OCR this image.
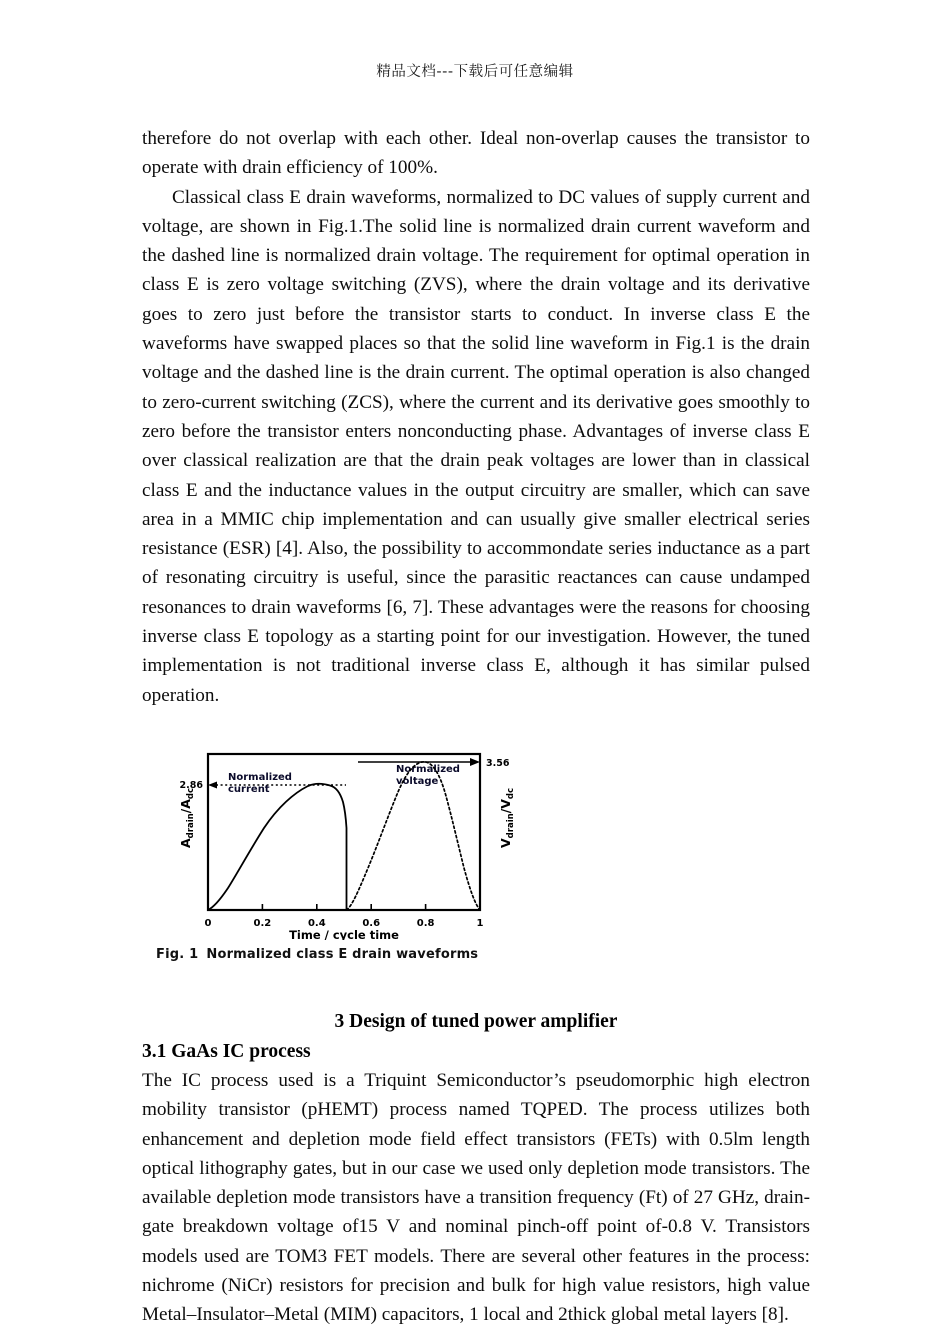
精品文档---下载后可任意编辑

therefore do not overlap with each other. Ideal non-overlap causes the transistor to operate with drain efficiency of 100%.

Classical class E drain waveforms, normalized to DC values of supply current and voltage, are shown in Fig.1.The solid line is normalized drain current waveform and the dashed line is normalized drain voltage. The requirement for optimal operation in class E is zero voltage switching (ZVS), where the drain voltage and its derivative goes to zero just before the transistor starts to conduct. In inverse class E the waveforms have swapped places so that the solid line waveform in Fig.1 is the drain voltage and the dashed line is the drain current. The optimal operation is also changed to zero-current switching (ZCS), where the current and its derivative goes smoothly to zero before the transistor enters nonconducting phase. Advantages of inverse class E over classical realization are that the drain peak voltages are lower than in classical class E and the inductance values in the output circuitry are smaller, which can save area in a MMIC chip implementation and can usually give smaller electrical series resistance (ESR) [4]. Also, the possibility to accommondate series inductance as a part of resonating circuitry is useful, since the parasitic reactances can cause undamped resonances to drain waveforms [6, 7]. These advantages were the reasons for choosing inverse class E topology as a starting point for our investigation. However, the tuned implementation is not traditional inverse class E, although it has similar pulsed operation.

0	0.2	0.4	0.6	0.8	1
Time / cycle time
2.86
3.56
$A_{drain}/A_{dc}$
$V_{drain}/V_{dc}$
Normalized
current
Normalized
voltage
Fig. 1 Normalized class E drain waveforms
3 Design of tuned power amplifier
3.1 GaAs IC process

The IC process used is a Triquint Semiconductor’s pseudomorphic high electron mobility transistor (pHEMT) process named TQPED. The process utilizes both enhancement and depletion mode field effect transistors (FETs) with 0.5lm length optical lithography gates, but in our case we used only depletion mode transistors. The available depletion mode transistors have a transition frequency (Ft) of 27 GHz, drain-gate breakdown voltage of15 V and nominal pinch-off point of-0.8 V. Transistors models used are TOM3 FET models. There are several other features in the process: nichrome (NiCr) resistors for precision and bulk for high value resistors, high value Metal–Insulator–Metal (MIM) capacitors, 1 local and 2thick global metal layers [8].
